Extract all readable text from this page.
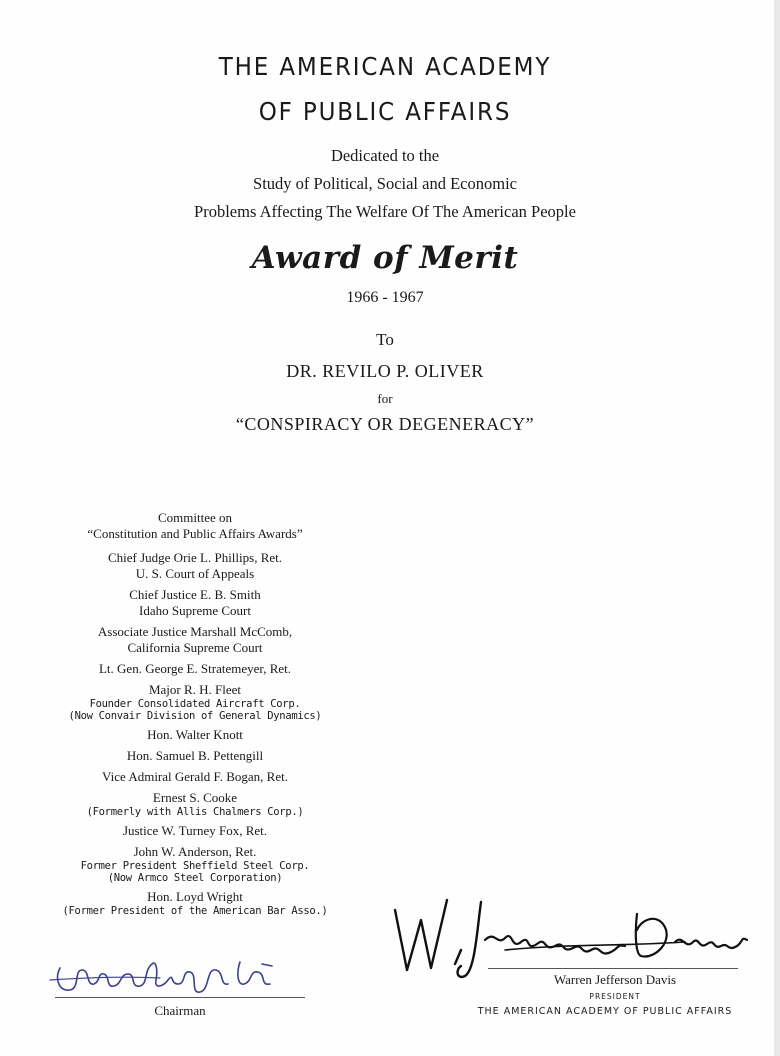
THE AMERICAN ACADEMY
OF PUBLIC AFFAIRS
Dedicated to the
Study of Political, Social and Economic
Problems Affecting The Welfare Of The American People
Award of Merit
1966 - 1967
To
DR. REVILO P. OLIVER
for
“CONSPIRACY OR DEGENERACY”
Committee on
“Constitution and Public Affairs Awards”
Chief Judge Orie L. Phillips, Ret.
U. S. Court of Appeals
Chief Justice E. B. Smith
Idaho Supreme Court
Associate Justice Marshall McComb,
California Supreme Court
Lt. Gen. George E. Stratemeyer, Ret.
Major R. H. Fleet
Founder Consolidated Aircraft Corp.
(Now Convair Division of General Dynamics)
Hon. Walter Knott
Hon. Samuel B. Pettengill
Vice Admiral Gerald F. Bogan, Ret.
Ernest S. Cooke
(Formerly with Allis Chalmers Corp.)
Justice W. Turney Fox, Ret.
John W. Anderson, Ret.
Former President Sheffield Steel Corp.
(Now Armco Steel Corporation)
Hon. Loyd Wright
(Former President of the American Bar Asso.)
Chairman
Warren Jefferson Davis
PRESIDENT
THE AMERICAN ACADEMY OF PUBLIC AFFAIRS
